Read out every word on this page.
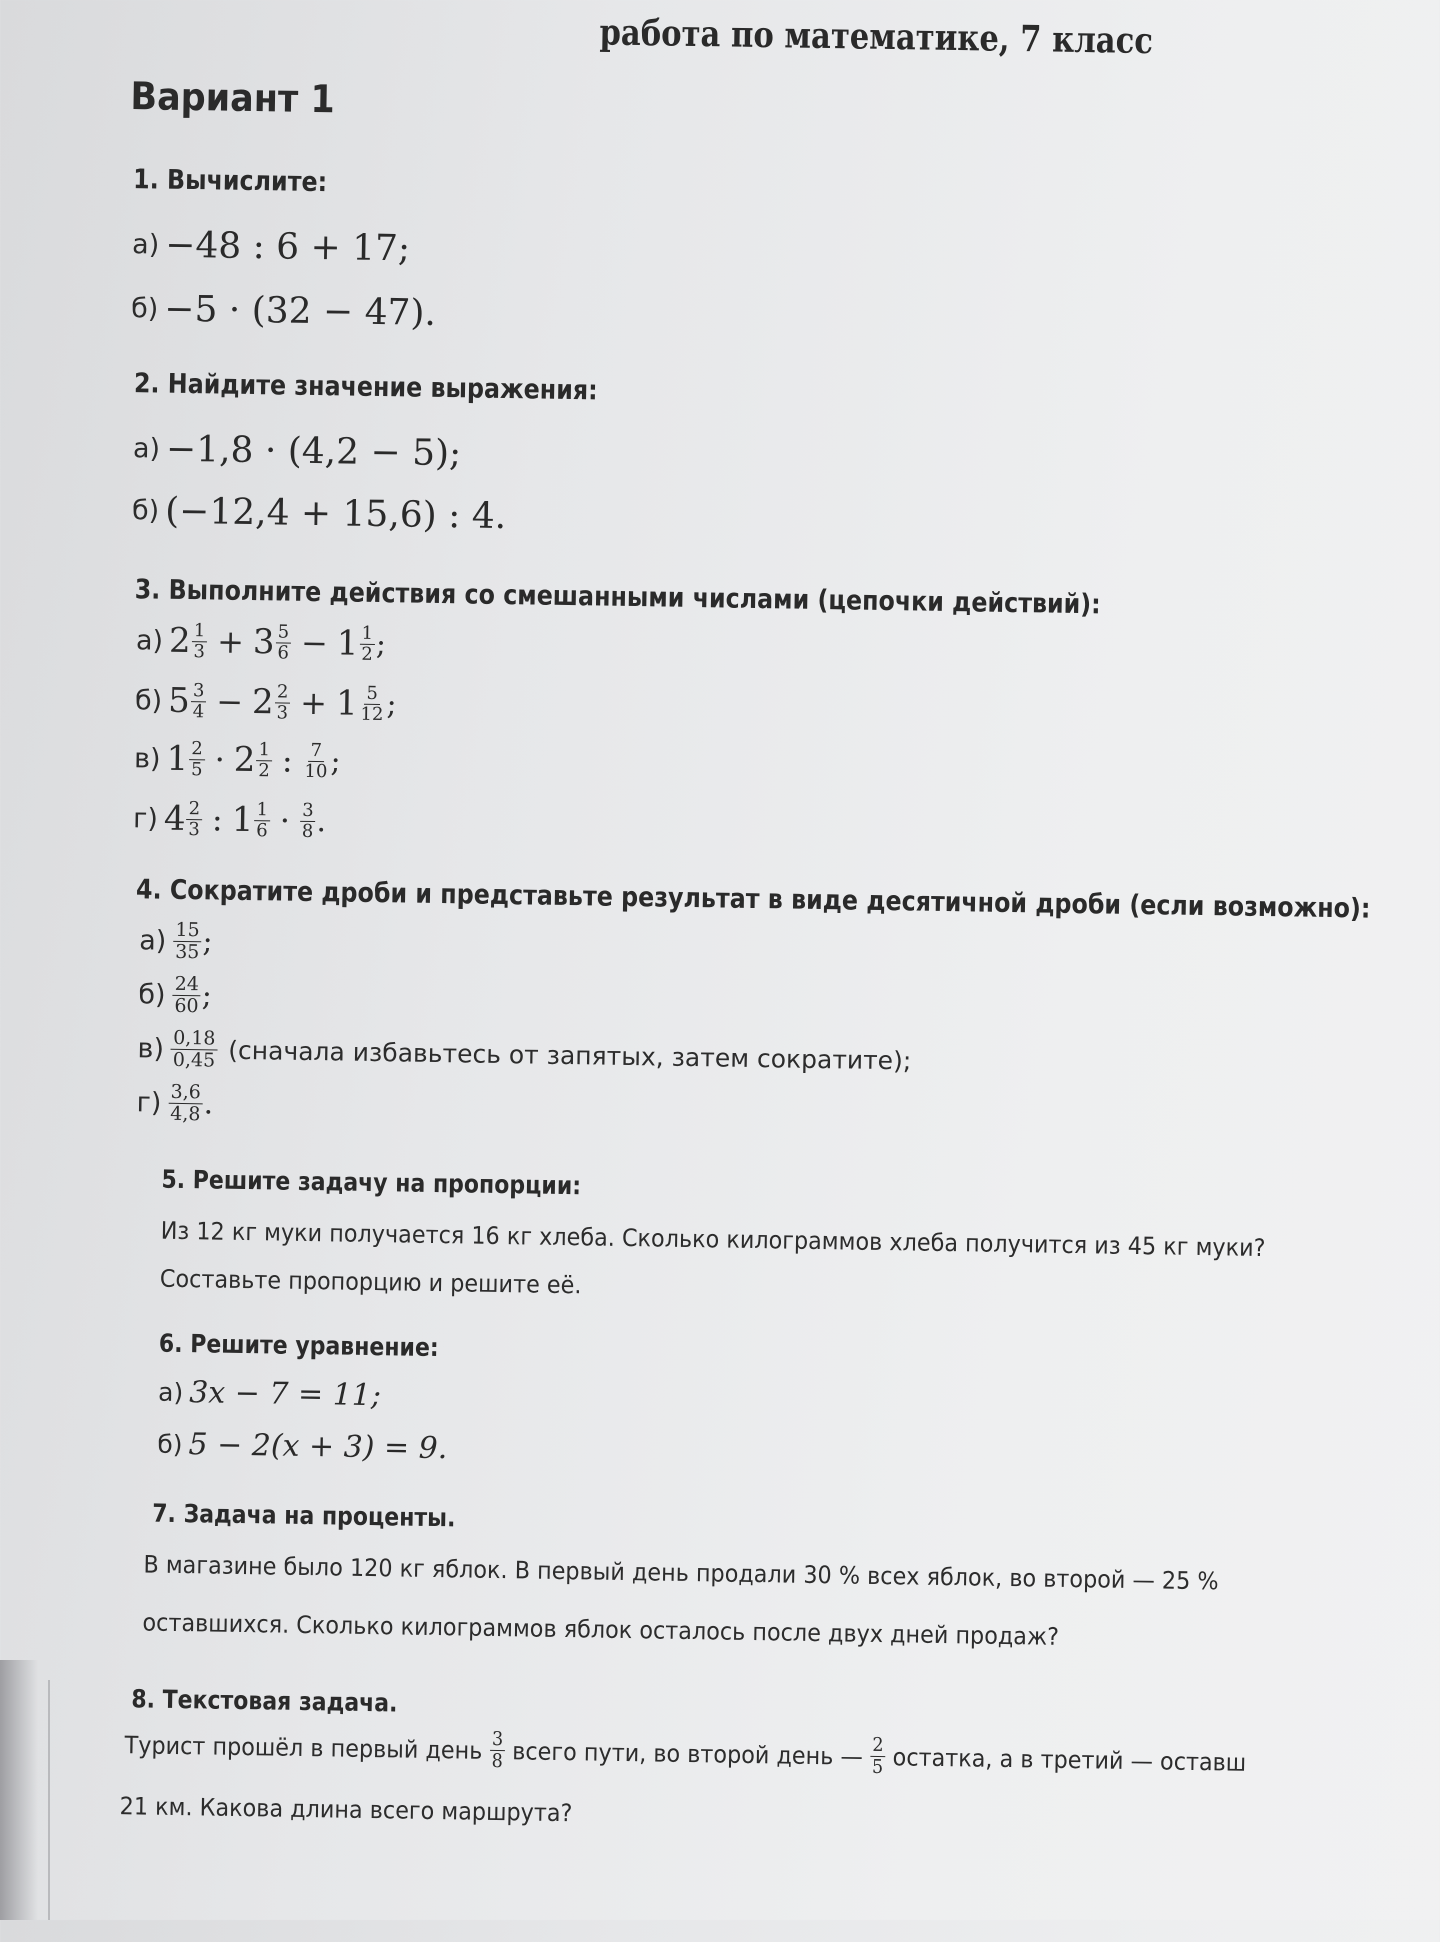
работа по математике, 7 класс
Вариант 1
1. Вычислите:
а) −48 : 6 + 17;
б) −5 · (32 − 47).
2. Найдите значение выражения:
а) −1,8 · (4,2 − 5);
б) (−12,4 + 15,6) : 4.
3. Выполните действия со смешанными числами (цепочки действий):
а) $2 \frac{1}{3} + 3 \frac{5}{6} - 1 \frac{1}{2}$ ;
б) $5 \frac{3}{4} - 2 \frac{2}{3} + 1 \frac{5}{12}$ ;
в) $1 \frac{2}{5} \cdot 2 \frac{1}{2}$ : $\frac{7}{10}$ ;
г) $4 \frac{2}{3}$ : $1 \frac{1}{6} \cdot \frac{3}{8}$ .
4. Сократите дроби и представьте результат в виде десятичной дроби (если возможно):
$а) \frac{15}{35}$ ;
$б) \frac{24}{60}$ ;
$в) \frac{0,18}{0,45}$ (сначала избавьтесь от запятых, затем сократите);
$г) \frac{3,6}{4,8}$ .
5. Решите задачу на пропорции:
Из 12 кг муки получается 16 кг хлеба. Сколько килограммов хлеба получится из 45 кг муки?
Составьте пропорцию и решите её.
6. Решите уравнение:
а) 3x − 7 = 11;
б) 5 − 2(x + 3) = 9.
7. Задача на проценты.
В магазине было 120 кг яблок. В первый день продали 30 % всех яблок, во второй — 25 %
оставшихся. Сколько килограммов яблок осталось после двух дней продаж?
8. Текстовая задача.
Турист прошёл в первый день $\frac{3}{8}$ всего пути, во второй день — $\frac{2}{5}$ остатка, а в третий — оставш
21 км. Какова длина всего маршрута?
